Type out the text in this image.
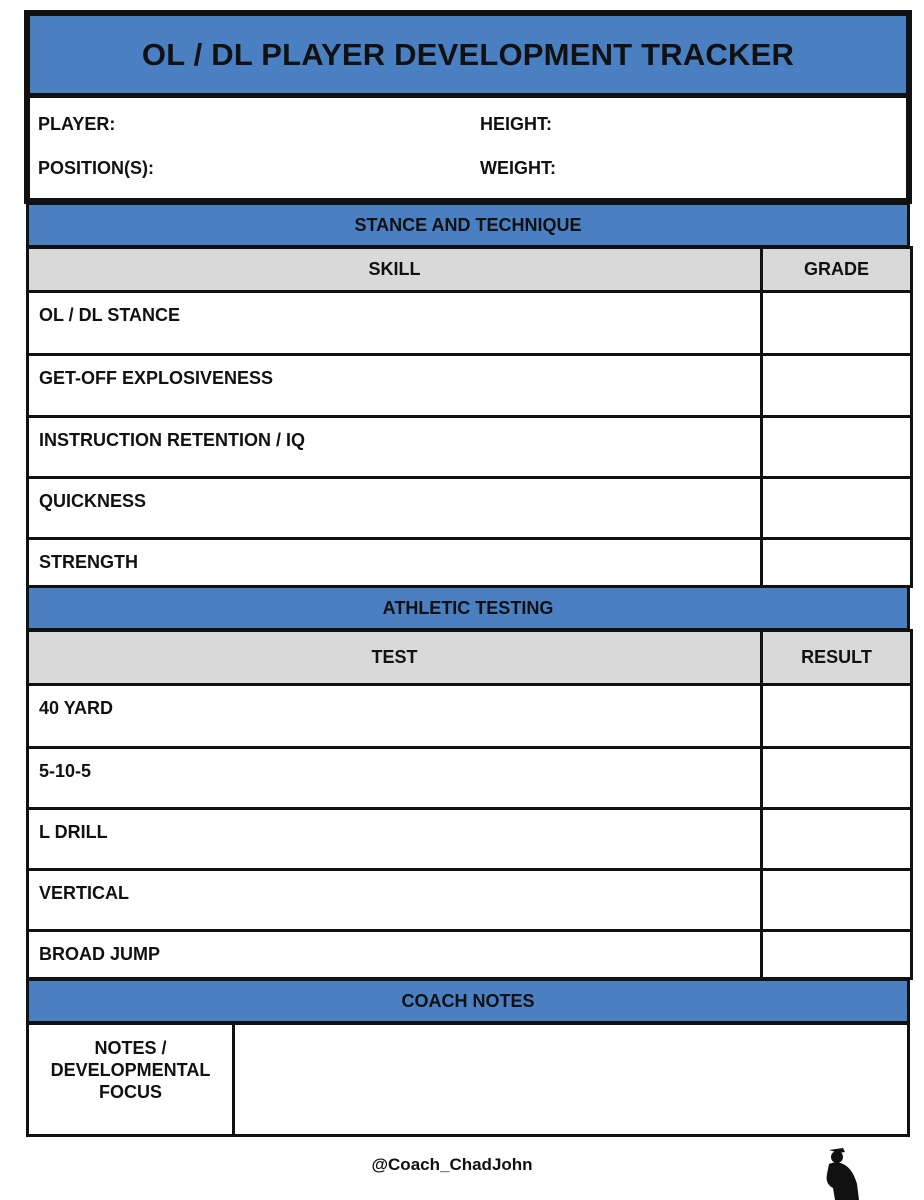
OL / DL PLAYER DEVELOPMENT TRACKER
PLAYER:	HEIGHT:
POSITION(S):	WEIGHT:
STANCE AND TECHNIQUE
SKILL	GRADE
OL / DL STANCE	
GET-OFF EXPLOSIVENESS	
INSTRUCTION RETENTION / IQ	
QUICKNESS	
STRENGTH	
ATHLETIC TESTING
TEST	RESULT
40 YARD	
5-10-5	
L DRILL	
VERTICAL	
BROAD JUMP	
COACH NOTES
NOTES /
DEVELOPMENTAL
FOCUS
@Coach_ChadJohn
